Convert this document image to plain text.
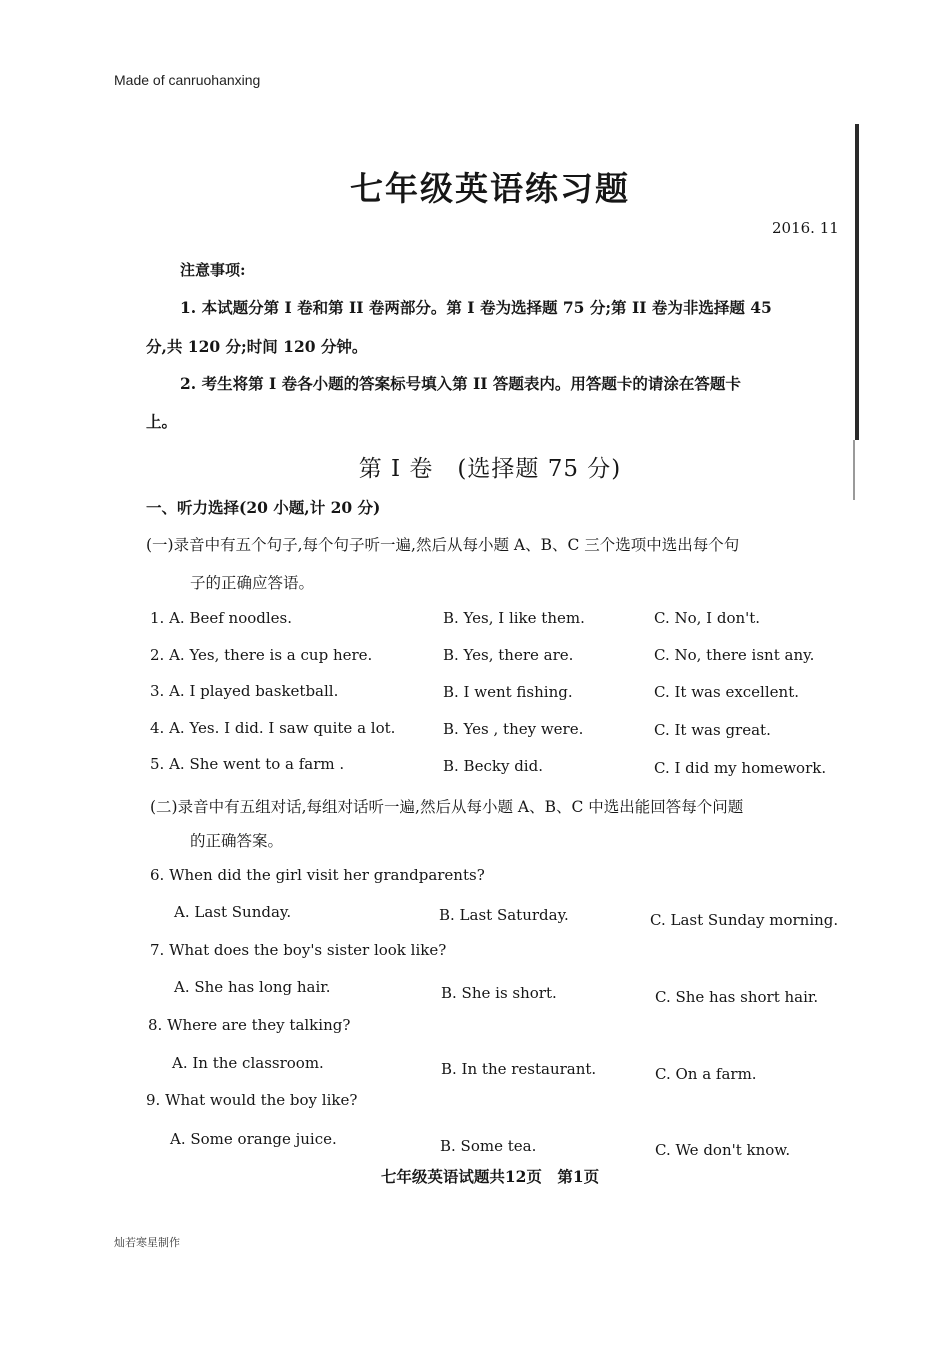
Made of canruohanxing
七年级英语练习题
2016. 11
注意事项:
1. 本试题分第 I 卷和第 II 卷两部分。第 I 卷为选择题 75 分;第 II 卷为非选择题 45
分,共 120 分;时间 120 分钟。
2. 考生将第 I 卷各小题的答案标号填入第 II 答题表内。用答题卡的请涂在答题卡
上。
第 I 卷　(选择题 75 分)
一、听力选择(20 小题,计 20 分)
(一)录音中有五个句子,每个句子听一遍,然后从每小题 A、B、C 三个选项中选出每个句
子的正确应答语。
1. A. Beef noodles.	B. Yes, I like them.	C. No, I don't.
2. A. Yes, there is a cup here.	B. Yes, there are.	C. No, there isnt any.
3. A. I played basketball.	B. I went fishing.	C. It was excellent.
4. A. Yes. I did. I saw quite a lot.	B. Yes , they were.	C. It was great.
5. A. She went to a farm .	B. Becky did.	C. I did my homework.
(二)录音中有五组对话,每组对话听一遍,然后从每小题 A、B、C 中选出能回答每个问题
的正确答案。
6. When did the girl visit her grandparents?
A. Last Sunday.	B. Last Saturday.	C. Last Sunday morning.
7. What does the boy's sister look like?
A. She has long hair.	B. She is short.	C. She has short hair.
8. Where are they talking?
A. In the classroom.	B. In the restaurant.	C. On a farm.
9. What would the boy like?
A. Some orange juice.	B. Some tea.	C. We don't know.
七年级英语试题共12页　第1页
灿若寒星制作
